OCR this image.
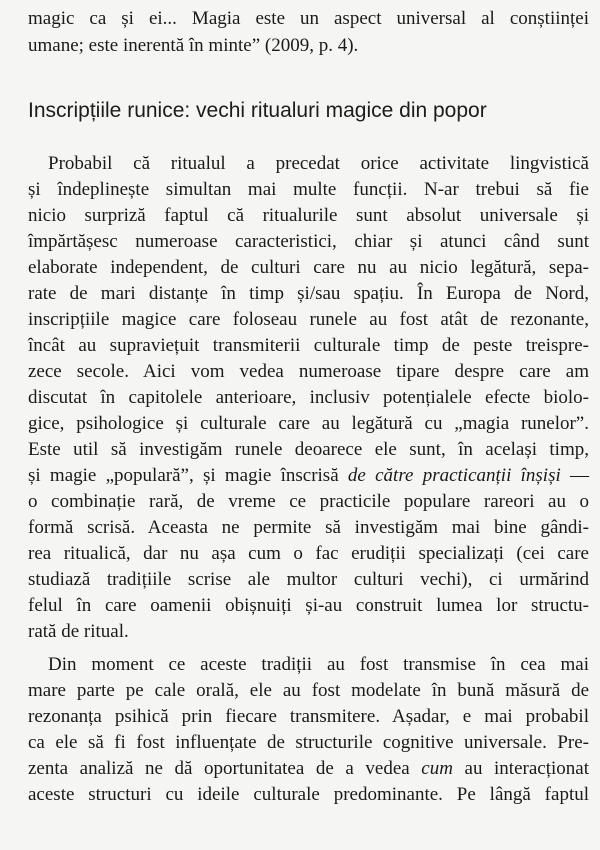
magic ca și ei... Magia este un aspect universal al conștiinței
umane; este inerentă în minte” (2009, p. 4).
Inscripțiile runice: vechi ritualuri magice din popor
Probabil că ritualul a precedat orice activitate lingvistică
și îndeplinește simultan mai multe funcții. N-ar trebui să fie
nicio surpriză faptul că ritualurile sunt absolut universale și
împărtășesc numeroase caracteristici, chiar și atunci când sunt
elaborate independent, de culturi care nu au nicio legătură, sepa-
rate de mari distanțe în timp și/sau spațiu. În Europa de Nord,
inscripțiile magice care foloseau runele au fost atât de rezonante,
încât au supraviețuit transmiterii culturale timp de peste treispre-
zece secole. Aici vom vedea numeroase tipare despre care am
discutat în capitolele anterioare, inclusiv potențialele efecte biolo-
gice, psihologice și culturale care au legătură cu „magia runelor”.
Este util să investigăm runele deoarece ele sunt, în același timp,
și magie „populară”, și magie înscrisă de către practicanții înșiși —
o combinație rară, de vreme ce practicile populare rareori au o
formă scrisă. Aceasta ne permite să investigăm mai bine gândi-
rea ritualică, dar nu așa cum o fac erudiții specializați (cei care
studiază tradițiile scrise ale multor culturi vechi), ci urmărind
felul în care oamenii obișnuiți și-au construit lumea lor structu-
rată de ritual.
Din moment ce aceste tradiții au fost transmise în cea mai
mare parte pe cale orală, ele au fost modelate în bună măsură de
rezonanța psihică prin fiecare transmitere. Așadar, e mai probabil
ca ele să fi fost influențate de structurile cognitive universale. Pre-
zenta analiză ne dă oportunitatea de a vedea cum au interacționat
aceste structuri cu ideile culturale predominante. Pe lângă faptul
